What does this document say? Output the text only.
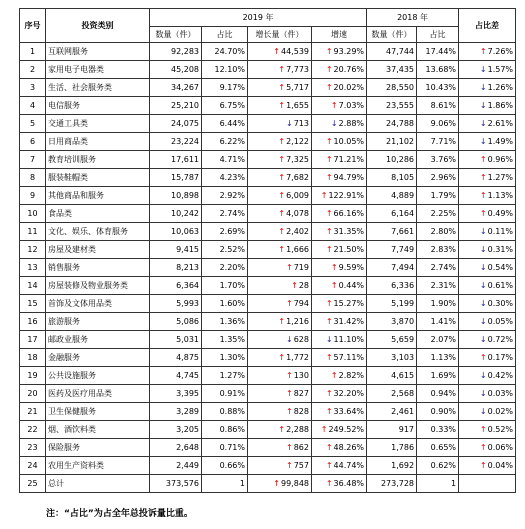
序号	投资类别	2019 年				2018 年		占比差
		数量（件）	占比	增长量（件）	增速	数量（件）	占比	
1	互联网服务	92,283	24.70%	↑44,539	↑93.29%	47,744	17.44%	↑7.26%
2	家用电子电器类	45,208	12.10%	↑7,773	↑20.76%	37,435	13.68%	↓1.57%
3	生活、社会服务类	34,267	9.17%	↑5,717	↑20.02%	28,550	10.43%	↓1.26%
4	电信服务	25,210	6.75%	↑1,655	↑7.03%	23,555	8.61%	↓1.86%
5	交通工具类	24,075	6.44%	↓713	↓2.88%	24,788	9.06%	↓2.61%
6	日用商品类	23,224	6.22%	↑2,122	↑10.05%	21,102	7.71%	↓1.49%
7	教育培训服务	17,611	4.71%	↑7,325	↑71.21%	10,286	3.76%	↑0.96%
8	服装鞋帽类	15,787	4.23%	↑7,682	↑94.79%	8,105	2.96%	↑1.27%
9	其他商品和服务	10,898	2.92%	↑6,009	↑122.91%	4,889	1.79%	↑1.13%
10	食品类	10,242	2.74%	↑4,078	↑66.16%	6,164	2.25%	↑0.49%
11	文化、娱乐、体育服务	10,063	2.69%	↑2,402	↑31.35%	7,661	2.80%	↓0.11%
12	房屋及建材类	9,415	2.52%	↑1,666	↑21.50%	7,749	2.83%	↓0.31%
13	销售服务	8,213	2.20%	↑719	↑9.59%	7,494	2.74%	↓0.54%
14	房屋装修及物业服务类	6,364	1.70%	↑28	↑0.44%	6,336	2.31%	↓0.61%
15	首饰及文体用品类	5,993	1.60%	↑794	↑15.27%	5,199	1.90%	↓0.30%
16	旅游服务	5,086	1.36%	↑1,216	↑31.42%	3,870	1.41%	↓0.05%
17	邮政业服务	5,031	1.35%	↓628	↓11.10%	5,659	2.07%	↓0.72%
18	金融服务	4,875	1.30%	↑1,772	↑57.11%	3,103	1.13%	↑0.17%
19	公共设施服务	4,745	1.27%	↑130	↑2.82%	4,615	1.69%	↓0.42%
20	医药及医疗用品类	3,395	0.91%	↑827	↑32.20%	2,568	0.94%	↓0.03%
21	卫生保健服务	3,289	0.88%	↑828	↑33.64%	2,461	0.90%	↓0.02%
22	烟、酒饮料类	3,205	0.86%	↑2,288	↑249.52%	917	0.33%	↑0.52%
23	保险服务	2,648	0.71%	↑862	↑48.26%	1,786	0.65%	↑0.06%
24	农用生产资料类	2,449	0.66%	↑757	↑44.74%	1,692	0.62%	↑0.04%
25	总计	373,576	1	↑99,848	↑36.48%	273,728	1	
注：“占比”为占全年总投诉量比重。
